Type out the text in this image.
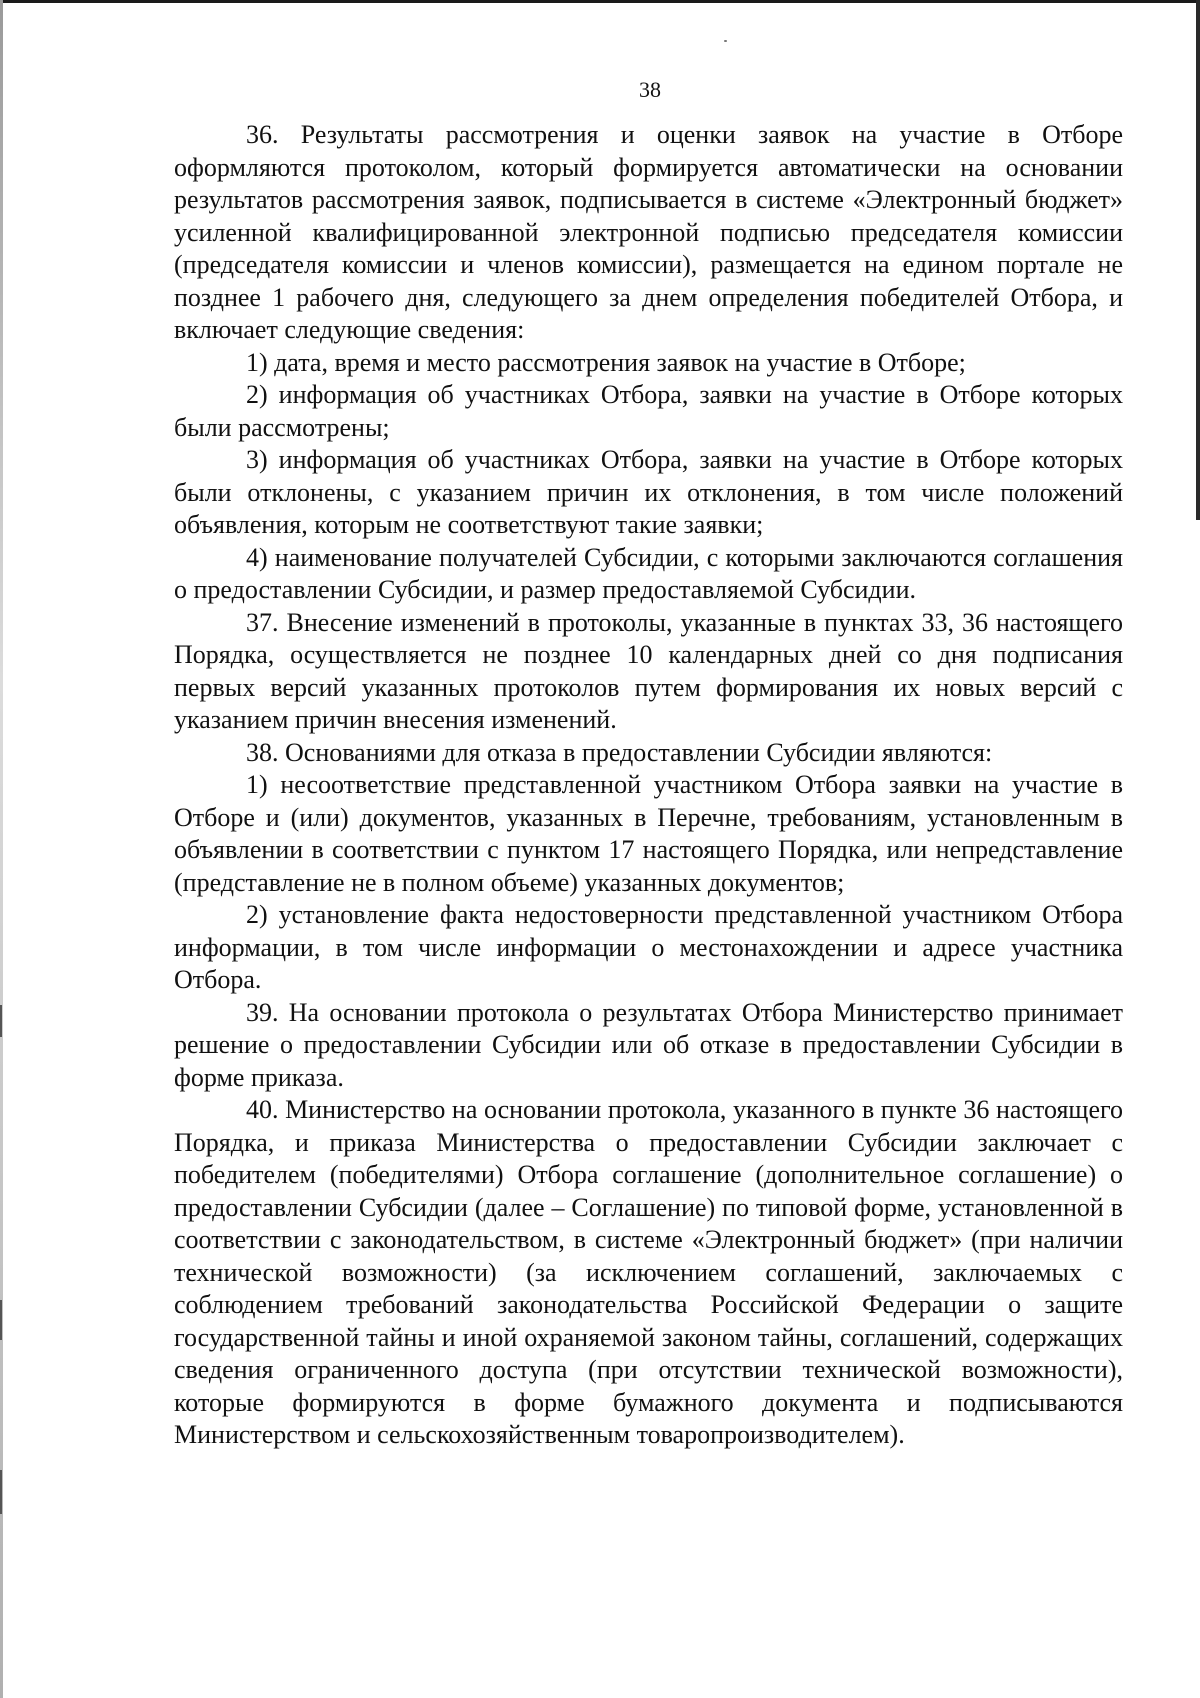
38

36. Результаты рассмотрения и оценки заявок на участие в Отборе оформляются протоколом, который формируется автоматически на основании результатов рассмотрения заявок, подписывается в системе «Электронный бюджет» усиленной квалифицированной электронной подписью председателя комиссии (председателя комиссии и членов комиссии), размещается на едином портале не позднее 1 рабочего дня, следующего за днем определения победителей Отбора, и включает следующие сведения:

1) дата, время и место рассмотрения заявок на участие в Отборе;

2) информация об участниках Отбора, заявки на участие в Отборе которых были рассмотрены;

3) информация об участниках Отбора, заявки на участие в Отборе которых были отклонены, с указанием причин их отклонения, в том числе положений объявления, которым не соответствуют такие заявки;

4) наименование получателей Субсидии, с которыми заключаются соглашения о предоставлении Субсидии, и размер предоставляемой Субсидии.

37. Внесение изменений в протоколы, указанные в пунктах 33, 36 настоящего Порядка, осуществляется не позднее 10 календарных дней со дня подписания первых версий указанных протоколов путем формирования их новых версий с указанием причин внесения изменений.

38. Основаниями для отказа в предоставлении Субсидии являются:

1) несоответствие представленной участником Отбора заявки на участие в Отборе и (или) документов, указанных в Перечне, требованиям, установленным в объявлении в соответствии с пунктом 17 настоящего Порядка, или непредставление (представление не в полном объеме) указанных документов;

2) установление факта недостоверности представленной участником Отбора информации, в том числе информации о местонахождении и адресе участника Отбора.

39. На основании протокола о результатах Отбора Министерство принимает решение о предоставлении Субсидии или об отказе в предоставлении Субсидии в форме приказа.

40. Министерство на основании протокола, указанного в пункте 36 настоящего Порядка, и приказа Министерства о предоставлении Субсидии заключает с победителем (победителями) Отбора соглашение (дополнительное соглашение) о предоставлении Субсидии (далее – Соглашение) по типовой форме, установленной в соответствии с законодательством, в системе «Электронный бюджет» (при наличии технической возможности) (за исключением соглашений, заключаемых с соблюдением требований законодательства Российской Федерации о защите государственной тайны и иной охраняемой законом тайны, соглашений, содержащих сведения ограниченного доступа (при отсутствии технической возможности), которые формируются в форме бумажного документа и подписываются Министерством и сельскохозяйственным товаропроизводителем).
